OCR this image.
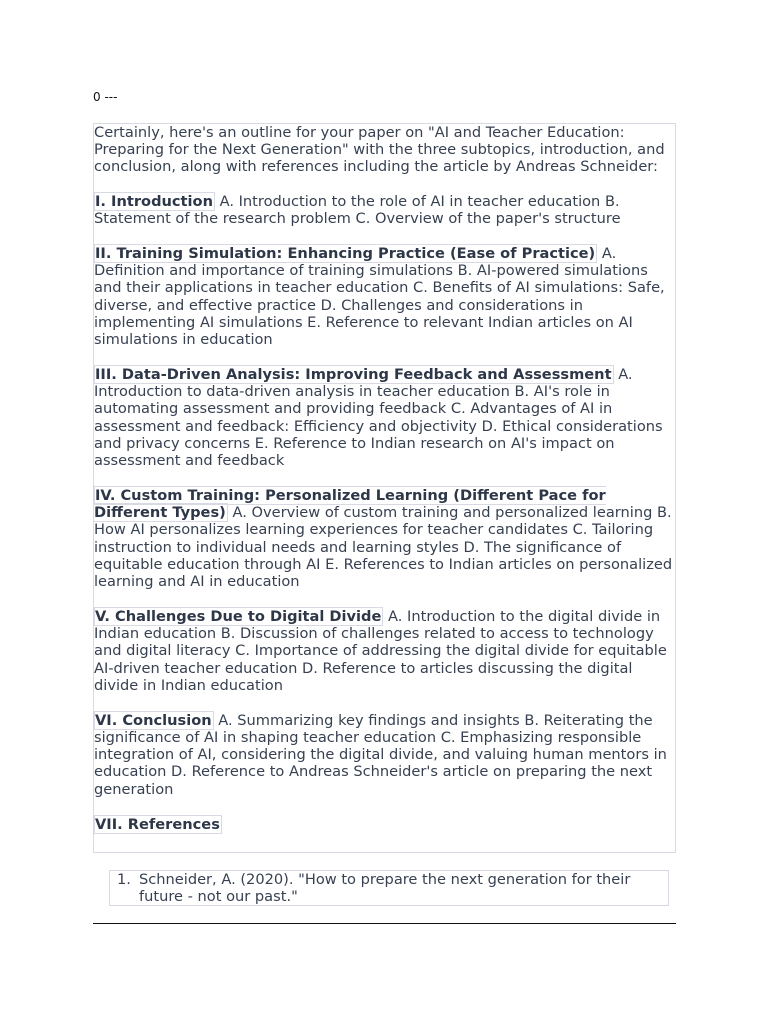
0 ---

Certainly, here's an outline for your paper on "AI and Teacher Education: Preparing for the Next Generation" with the three subtopics, introduction, and conclusion, along with references including the article by Andreas Schneider:

I. Introduction A. Introduction to the role of AI in teacher education B. Statement of the research problem C. Overview of the paper's structure

II. Training Simulation: Enhancing Practice (Ease of Practice) A. Definition and importance of training simulations B. AI-powered simulations and their applications in teacher education C. Benefits of AI simulations: Safe, diverse, and effective practice D. Challenges and considerations in implementing AI simulations E. Reference to relevant Indian articles on AI simulations in education

III. Data-Driven Analysis: Improving Feedback and Assessment A. Introduction to data-driven analysis in teacher education B. AI's role in automating assessment and providing feedback C. Advantages of AI in assessment and feedback: Efficiency and objectivity D. Ethical considerations and privacy concerns E. Reference to Indian research on AI's impact on assessment and feedback

IV. Custom Training: Personalized Learning (Different Pace for Different Types) A. Overview of custom training and personalized learning B. How AI personalizes learning experiences for teacher candidates C. Tailoring instruction to individual needs and learning styles D. The significance of equitable education through AI E. References to Indian articles on personalized learning and AI in education

V. Challenges Due to Digital Divide A. Introduction to the digital divide in Indian education B. Discussion of challenges related to access to technology and digital literacy C. Importance of addressing the digital divide for equitable AI-driven teacher education D. Reference to articles discussing the digital divide in Indian education

VI. Conclusion A. Summarizing key findings and insights B. Reiterating the significance of AI in shaping teacher education C. Emphasizing responsible integration of AI, considering the digital divide, and valuing human mentors in education D. Reference to Andreas Schneider's article on preparing the next generation

VII. References

1. Schneider, A. (2020). "How to prepare the next generation for their future - not our past."
